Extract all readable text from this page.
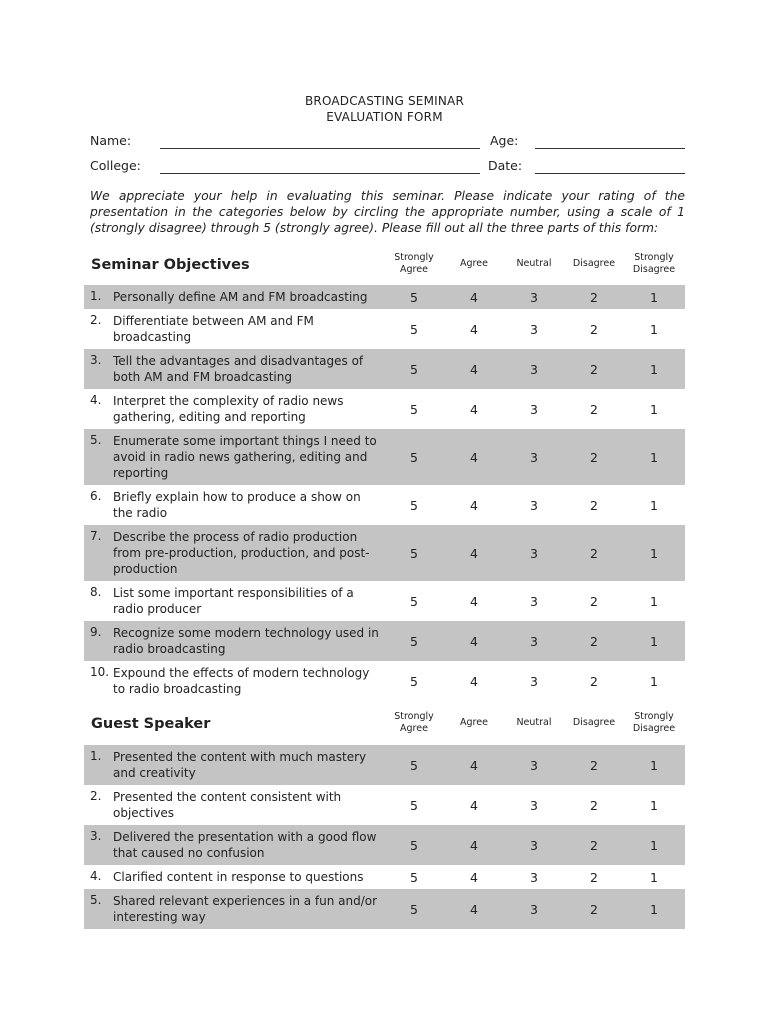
BROADCASTING SEMINAR
EVALUATION FORM
Name:	Age:
College:	Date:
We appreciate your help in evaluating this seminar. Please indicate your rating of the presentation in the categories below by circling the appropriate number, using a scale of 1 (strongly disagree) through 5 (strongly agree). Please fill out all the three parts of this form:
Seminar Objectives	Strongly Agree
Agree	Neutral	Disagree
Strongly Disagree
1. Personally define AM and FM broadcasting	5	4	3	2	1
2. Differentiate between AM and FM broadcasting
5	4	3	2	1
3. Tell the advantages and disadvantages of both AM and FM broadcasting
5	4	3	2	1
4. Interpret the complexity of radio news gathering, editing and reporting
5	4	3	2	1
5. Enumerate some important things I need to avoid in radio news gathering, editing and reporting
5	4	3	2	1
6. Briefly explain how to produce a show on the radio
5	4	3	2	1
7. Describe the process of radio production from pre-production, production, and post-production
5	4	3	2	1
8. List some important responsibilities of a radio producer
5	4	3	2	1
9. Recognize some modern technology used in radio broadcasting
5	4	3	2	1
10. Expound the effects of modern technology to radio broadcasting
5	4	3	2	1
Guest Speaker	Strongly Agree
Agree	Neutral	Disagree
Strongly Disagree
1. Presented the content with much mastery and creativity
5	4	3	2	1
2. Presented the content consistent with objectives
5	4	3	2	1
3. Delivered the presentation with a good flow that caused no confusion
5	4	3	2	1
4. Clarified content in response to questions	5	4	3	2	1
5. Shared relevant experiences in a fun and/or interesting way
5	4	3	2	1
